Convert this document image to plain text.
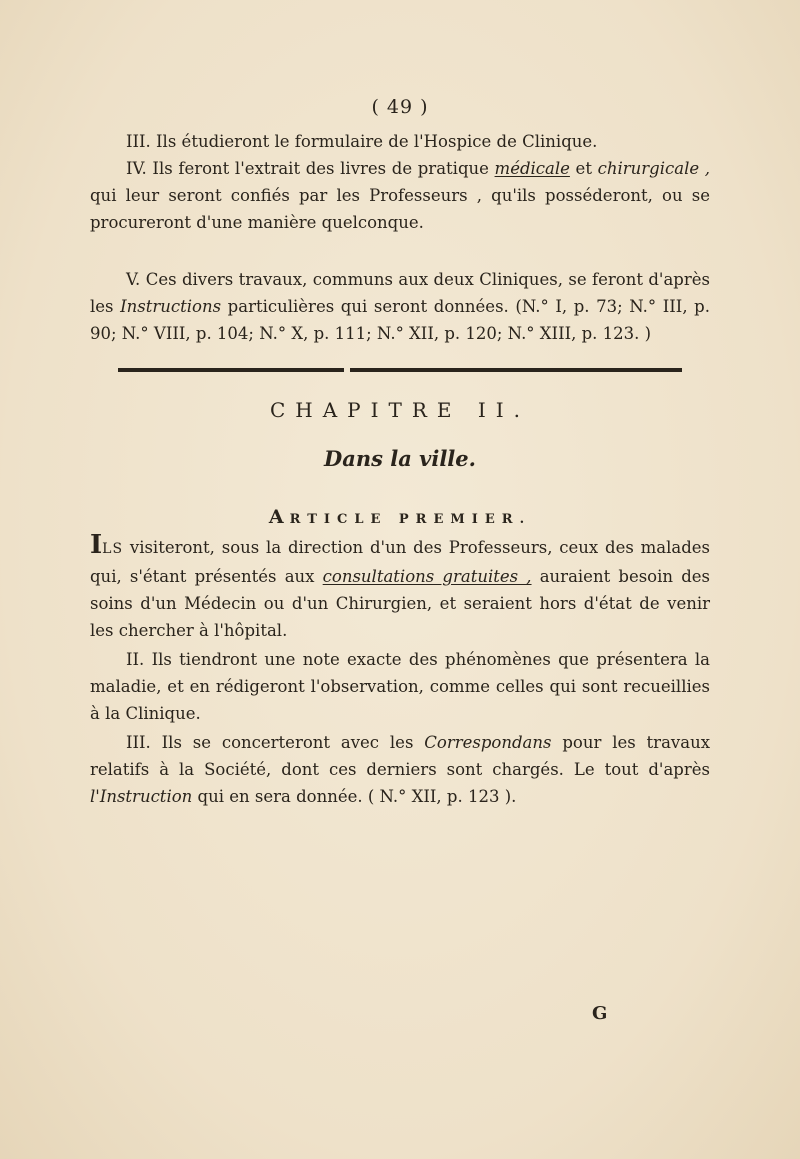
( 49 )

III. Ils étudieront le formulaire de l'Hospice de Clinique.

IV. Ils feront l'extrait des livres de pratique médicale et chirurgicale , qui leur seront confiés par les Professeurs , qu'ils posséderont, ou se procureront d'une manière quelconque.

V. Ces divers travaux, communs aux deux Cliniques, se feront d'après les Instructions particulières qui seront données. (N.° I, p. 73; N.° III, p. 90; N.° VIII, p. 104; N.° X, p. 111; N.° XII, p. 120; N.° XIII, p. 123. )

CHAPITRE II.
Dans la ville.
ARTICLE PREMIER.

ILS visiteront, sous la direction d'un des Professeurs, ceux des malades qui, s'étant présentés aux consultations gratuites , auraient besoin des soins d'un Médecin ou d'un Chirurgien, et seraient hors d'état de venir les chercher à l'hôpital.

II. Ils tiendront une note exacte des phénomènes que présentera la maladie, et en rédigeront l'observation, comme celles qui sont recueillies à la Clinique.

III. Ils se concerteront avec les Correspondans pour les travaux relatifs à la Société, dont ces derniers sont chargés. Le tout d'après l'Instruction qui en sera donnée. ( N.° XII, p. 123 ).

G
